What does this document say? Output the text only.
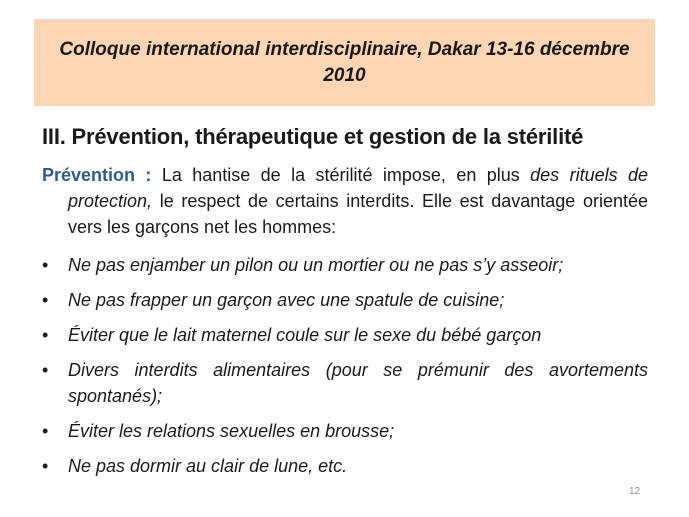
Colloque international interdisciplinaire, Dakar 13-16 décembre 2010
III. Prévention, thérapeutique et gestion de la stérilité
Prévention : La hantise de la stérilité impose, en plus des rituels de protection, le respect de certains interdits. Elle est davantage orientée vers les garçons net les hommes:
• Ne pas enjamber un pilon ou un mortier ou ne pas s’y asseoir;
• Ne pas frapper un garçon avec une spatule de cuisine;
• Éviter que le lait maternel coule sur le sexe du bébé garçon
• Divers interdits alimentaires (pour se prémunir des avortements spontanés);
• Éviter les relations sexuelles en brousse;
• Ne pas dormir au clair de lune, etc.
12
